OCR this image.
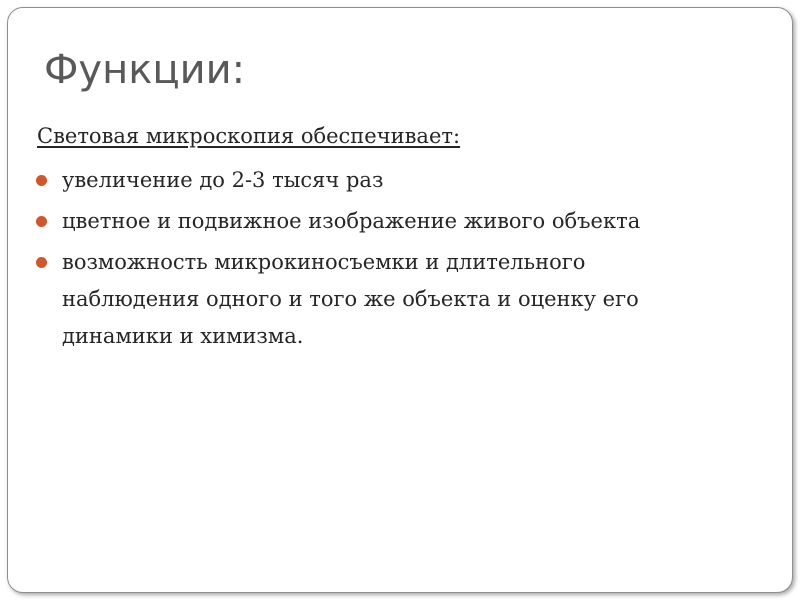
Функции:
Световая микроскопия обеспечивает:
увеличение до 2-3 тысяч раз
цветное и подвижное изображение живого объекта
возможность микрокиносъемки и длительного наблюдения одного и того же объекта и оценку его динамики и химизма.
